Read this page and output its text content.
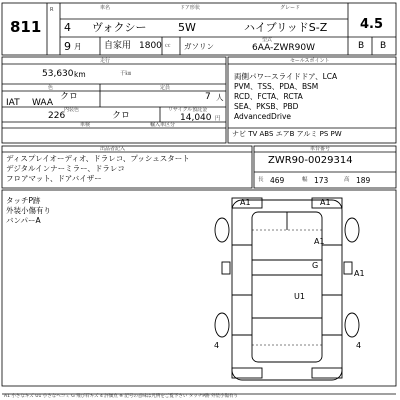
811
R
4
9 月
車名	ドア形状	グレード
ヴォクシー	5W	ハイブリッドS-Z	4.5
自家用 1800 ㏄ ガソリン
型式
6AA-ZWR90W	B B
走行
53,630 km	千㎞
色
クロ
定員
7 人
IAT WAA
内装色
226	クロ
リサイクル預託金
14,040 円
車検	輸入車区分
セールスポイント
両側パワースライドドア、LCA
PVM、TSS、PDA、BSM
RCD、FCTA、RCTA
SEA、PKSB、PBD
AdvancedDrive
ナビ TV ABS エアB アルミ PS PW
出品者記入
ディスプレイオーディオ、ドラレコ、プッシュスタート
デジタルインナーミラー、ドラレコ
フロアマット、ドアバイザー
車台番号
ZWR90-0029314
長 469	幅 173	高 189
タッチP跡
外装小傷有り
バンパーA
A1	A1
A1
A1
G
U1
4	4
A1 小さなキズ U1 小さなヘコミ G 飛び石キズ 4 評価点 ※ 記号の意味は凡例をご覧下さい タッチP跡 外装小傷有り
